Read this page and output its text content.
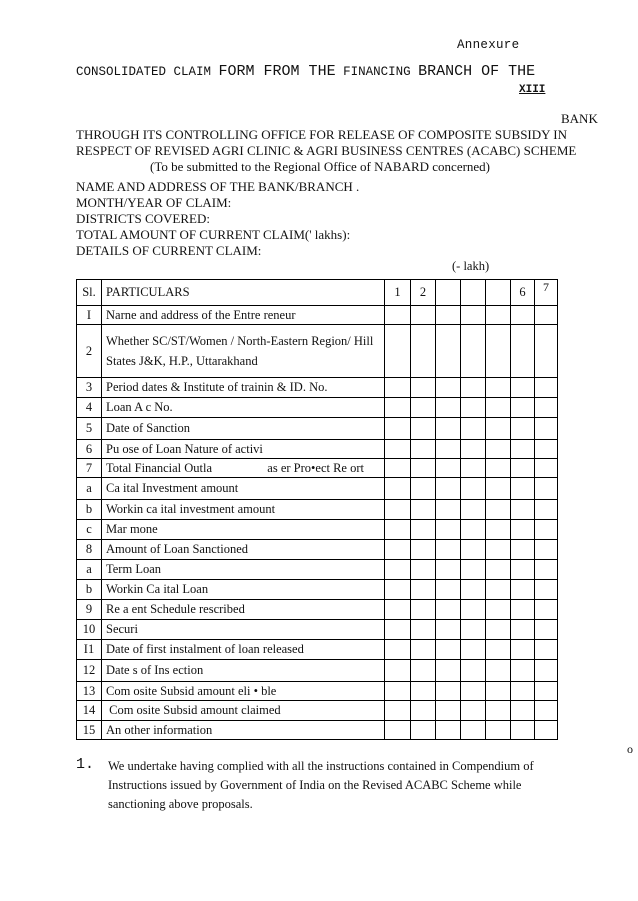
Annexure
CONSOLIDATED CLAIM FORM FROM THE FINANCING BRANCH OF THE
XIII
BANK
THROUGH ITS CONTROLLING OFFICE FOR RELEASE OF COMPOSITE SUBSIDY IN
RESPECT OF REVISED AGRI CLINIC & AGRI BUSINESS CENTRES (ACABC) SCHEME
(To be submitted to the Regional Office of NABARD concerned)
NAME AND ADDRESS OF THE BANK/BRANCH .
MONTH/YEAR OF CLAIM:
DISTRICTS COVERED:
TOTAL AMOUNT OF CURRENT CLAIM(' lakhs):
DETAILS OF CURRENT CLAIM:
(- lakh)
Sl.	PARTICULARS	1	2				6	7
I	Narne and address of the Entre reneur							
2	Whether SC/ST/Women / North-Eastern Region/ Hill States J&K, H.P., Uttarakhand							
3	Period dates & Institute of trainin & ID. No.							
4	Loan A c No.							
5	Date of Sanction							
6	Pu ose of Loan Nature of activi							
7	Total Financial Outla as er Pro•ect Re ort							

a	Ca ital Investment amount							
b	Workin ca ital investment amount							
c	Mar mone							
8	Amount of Loan Sanctioned							
a	Term Loan							
b	Workin Ca ital Loan							
9	Re a ent Schedule rescribed							
10	Securi							
I1	Date of first instalment of loan released							
12	Date s of Ins ection							
13	Com osite Subsid amount eli • ble							
14	Com osite Subsid amount claimed							
15	An other information							
o
1. We undertake having complied with all the instructions contained in Compendium of Instructions issued by Government of India on the Revised ACABC Scheme while sanctioning above proposals.
